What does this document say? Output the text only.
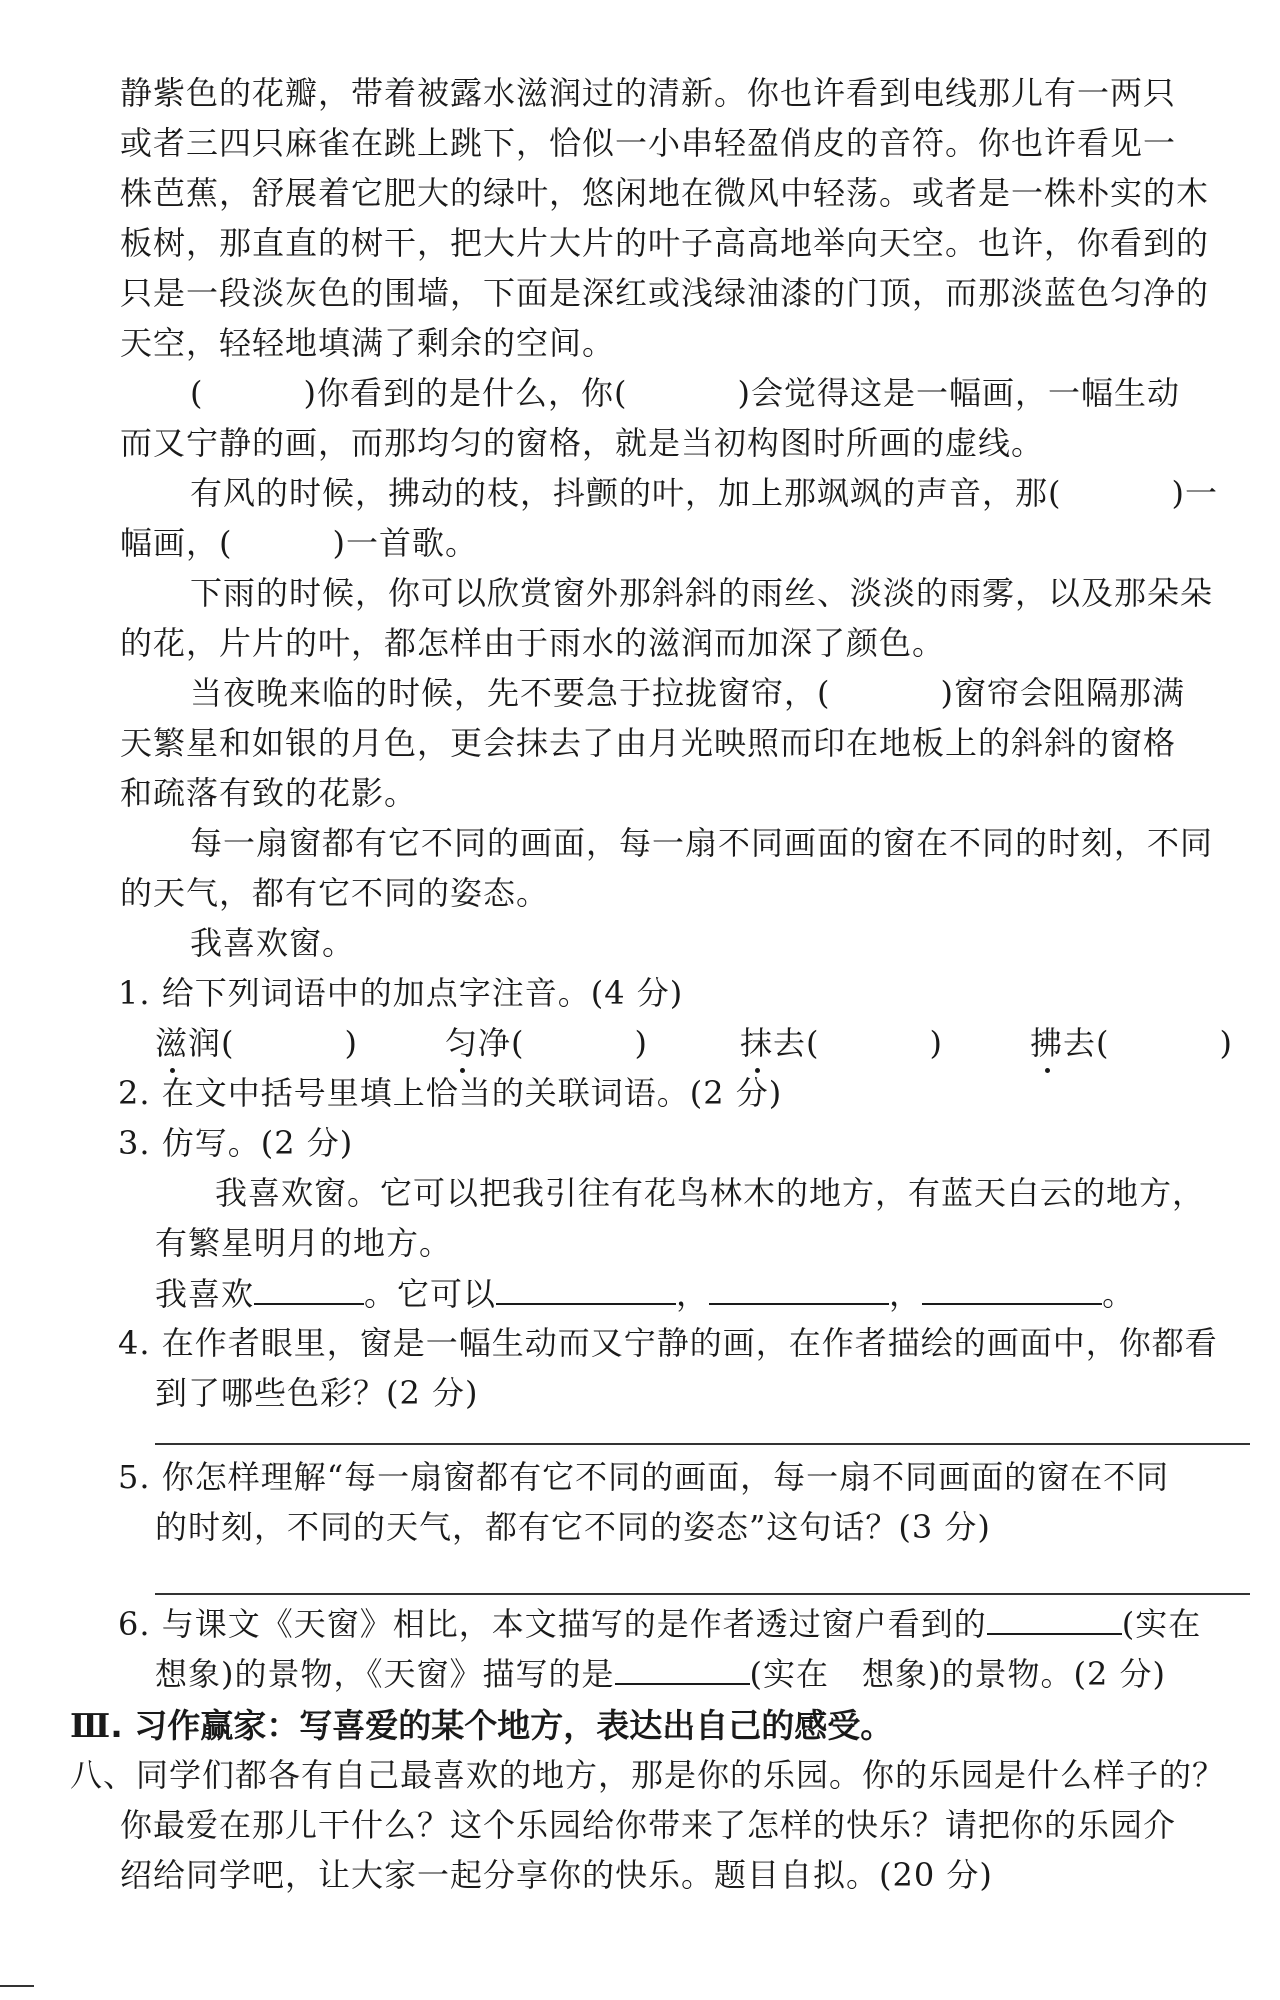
静紫色的花瓣，带着被露水滋润过的清新。你也许看到电线那儿有一两只
或者三四只麻雀在跳上跳下，恰似一小串轻盈俏皮的音符。你也许看见一
株芭蕉，舒展着它肥大的绿叶，悠闲地在微风中轻荡。或者是一株朴实的木
板树，那直直的树干，把大片大片的叶子高高地举向天空。也许，你看到的
只是一段淡灰色的围墙，下面是深红或浅绿油漆的门顶，而那淡蓝色匀净的
天空，轻轻地填满了剩余的空间。
(	)你看到的是什么，你(	)会觉得这是一幅画，一幅生动
而又宁静的画，而那均匀的窗格，就是当初构图时所画的虚线。
有风的时候，拂动的枝，抖颤的叶，加上那飒飒的声音，那(	)一
幅画，(	)一首歌。
下雨的时候，你可以欣赏窗外那斜斜的雨丝、淡淡的雨雾，以及那朵朵
的花，片片的叶，都怎样由于雨水的滋润而加深了颜色。
当夜晚来临的时候，先不要急于拉拢窗帘，(	)窗帘会阻隔那满
天繁星和如银的月色，更会抹去了由月光映照而印在地板上的斜斜的窗格
和疏落有致的花影。
每一扇窗都有它不同的画面，每一扇不同画面的窗在不同的时刻，不同
的天气，都有它不同的姿态。
我喜欢窗。
1. 给下列词语中的加点字注音。(4 分)
滋润(	)	匀净(	)	抹去(	)	拂去(	)
2. 在文中括号里填上恰当的关联词语。(2 分)
3. 仿写。(2 分)
我喜欢窗。它可以把我引往有花鸟林木的地方，有蓝天白云的地方，
有繁星明月的地方。
我喜欢	。它可以	，	，	。
4. 在作者眼里，窗是一幅生动而又宁静的画，在作者描绘的画面中，你都看
到了哪些色彩？(2 分)
5. 你怎样理解“每一扇窗都有它不同的画面，每一扇不同画面的窗在不同
的时刻，不同的天气，都有它不同的姿态”这句话？(3 分)
6. 与课文《天窗》相比，本文描写的是作者透过窗户看到的	(实在
想象)的景物，《天窗》描写的是	(实在　想象)的景物。(2 分)
Ⅲ. 习作赢家：写喜爱的某个地方，表达出自己的感受。
八、同学们都各有自己最喜欢的地方，那是你的乐园。你的乐园是什么样子的？
你最爱在那儿干什么？这个乐园给你带来了怎样的快乐？请把你的乐园介
绍给同学吧，让大家一起分享你的快乐。题目自拟。(20 分)
